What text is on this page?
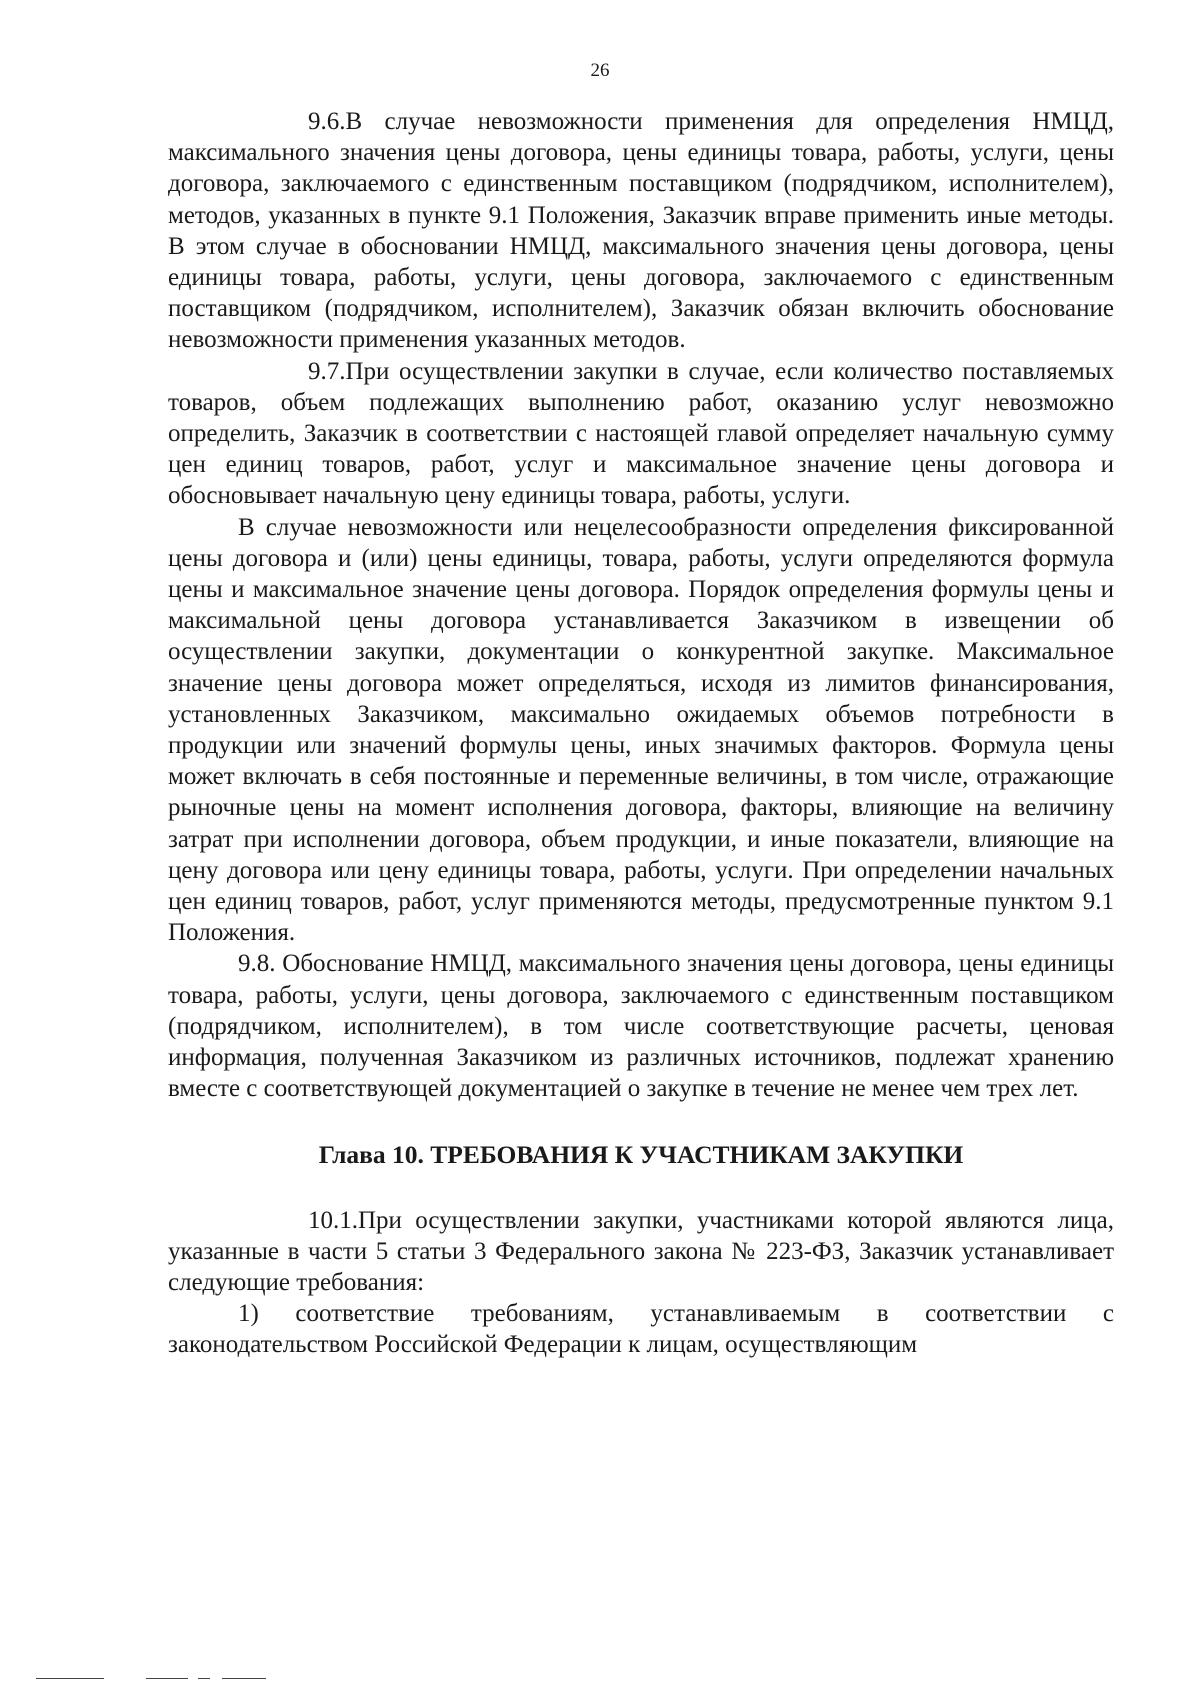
26

9.6.В случае невозможности применения для определения НМЦД, максимального значения цены договора, цены единицы товара, работы, услуги, цены договора, заключаемого с единственным поставщиком (подрядчиком, исполнителем), методов, указанных в пункте 9.1 Положения, Заказчик вправе применить иные методы. В этом случае в обосновании НМЦД, максимального значения цены договора, цены единицы товара, работы, услуги, цены договора, заключаемого с единственным поставщиком (подрядчиком, исполнителем), Заказчик обязан включить обоснование невозможности применения указанных методов.

9.7.При осуществлении закупки в случае, если количество поставляемых товаров, объем подлежащих выполнению работ, оказанию услуг невозможно определить, Заказчик в соответствии с настоящей главой определяет начальную сумму цен единиц товаров, работ, услуг и максимальное значение цены договора и обосновывает начальную цену единицы товара, работы, услуги.

В случае невозможности или нецелесообразности определения фиксированной цены договора и (или) цены единицы, товара, работы, услуги определяются формула цены и максимальное значение цены договора. Порядок определения формулы цены и максимальной цены договора устанавливается Заказчиком в извещении об осуществлении закупки, документации о конкурентной закупке. Максимальное значение цены договора может определяться, исходя из лимитов финансирования, установленных Заказчиком, максимально ожидаемых объемов потребности в продукции или значений формулы цены, иных значимых факторов. Формула цены может включать в себя постоянные и переменные величины, в том числе, отражающие рыночные цены на момент исполнения договора, факторы, влияющие на величину затрат при исполнении договора, объем продукции, и иные показатели, влияющие на цену договора или цену единицы товара, работы, услуги. При определении начальных цен единиц товаров, работ, услуг применяются методы, предусмотренные пунктом 9.1 Положения.

9.8. Обоснование НМЦД, максимального значения цены договора, цены единицы товара, работы, услуги, цены договора, заключаемого с единственным поставщиком (подрядчиком, исполнителем), в том числе соответствующие расчеты, ценовая информация, полученная Заказчиком из различных источников, подлежат хранению вместе с соответствующей документацией о закупке в течение не менее чем трех лет.

Глава 10. ТРЕБОВАНИЯ К УЧАСТНИКАМ ЗАКУПКИ

10.1.При осуществлении закупки, участниками которой являются лица, указанные в части 5 статьи 3 Федерального закона № 223-ФЗ, Заказчик устанавливает следующие требования:

1) соответствие требованиям, устанавливаемым в соответствии с законодательством Российской Федерации к лицам, осуществляющим
